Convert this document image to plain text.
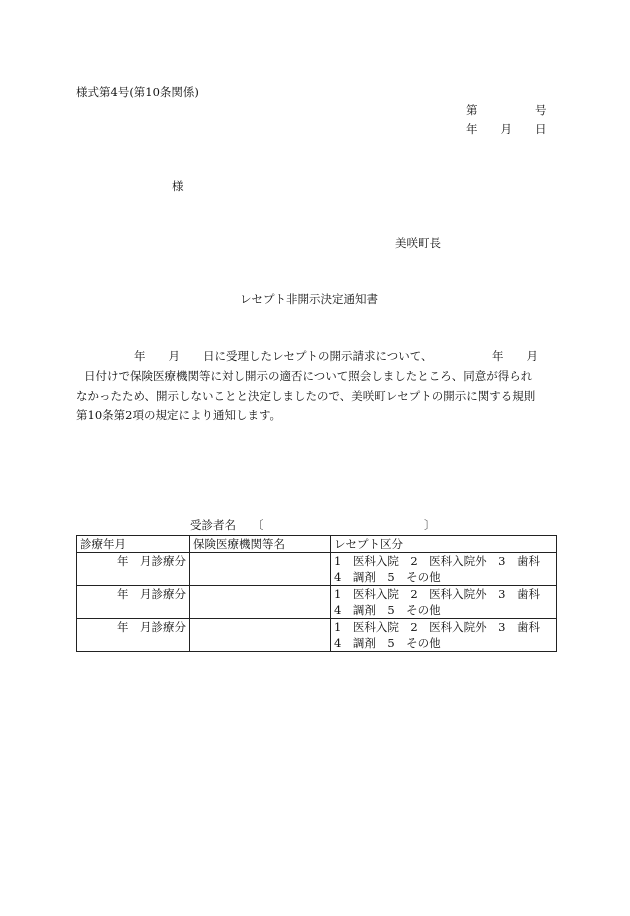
様式第4号(第10条関係)
第　　　　　号
年　　月　　日
様
美咲町長
レセプト非開示決定通知書
年　　月　　日に受理したレセプトの開示請求について、	年　　月
日付けで保険医療機関等に対し開示の適否について照会しましたところ、同意が得られ
なかったため、開示しないことと決定しましたので、美咲町レセプトの開示に関する規則
第10条第2項の規定により通知します。
受診者名 〔	〕
診療年月	保険医療機関等名	レセプト区分
年　月診療分		1　医科入院　2　医科入院外　3　歯科
4　調剤　5　その他

年　月診療分		1　医科入院　2　医科入院外　3　歯科
4　調剤　5　その他

年　月診療分		1　医科入院　2　医科入院外　3　歯科
4　調剤　5　その他
